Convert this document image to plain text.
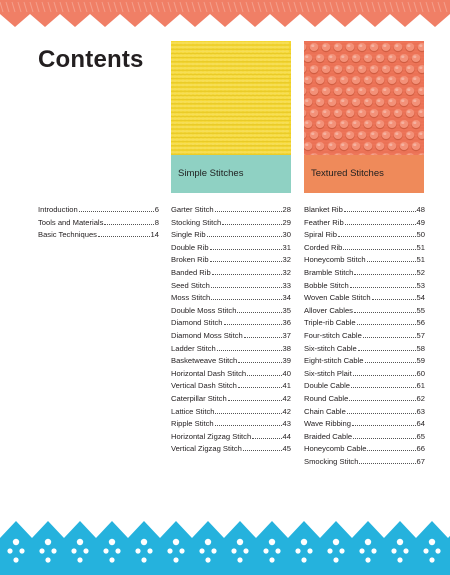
Contents
Simple Stitches	Textured Stitches
Introduction	6
Tools and Materials	8
Basic Techniques	14
Garter Stitch	28
Stocking Stitch	29
Single Rib	30
Double Rib	31
Broken Rib	32
Banded Rib	32
Seed Stitch	33
Moss Stitch	34
Double Moss Stitch	35
Diamond Stitch	36
Diamond Moss Stitch	37
Ladder Stitch	38
Basketweave Stitch	39
Horizontal Dash Stitch	40
Vertical Dash Stitch	41
Caterpillar Stitch	42
Lattice Stitch	42
Ripple Stitch	43
Horizontal Zigzag Stitch	44
Vertical Zigzag Stitch	45
Blanket Rib	48
Feather Rib	49
Spiral Rib	50
Corded Rib	51
Honeycomb Stitch	51
Bramble Stitch	52
Bobble Stitch	53
Woven Cable Stitch	54
Allover Cables	55
Triple-rib Cable	56
Four-stitch Cable	57
Six-stitch Cable	58
Eight-stitch Cable	59
Six-stitch Plait	60
Double Cable	61
Round Cable	62
Chain Cable	63
Wave Ribbing	64
Braided Cable	65
Honeycomb Cable	66
Smocking Stitch	67
